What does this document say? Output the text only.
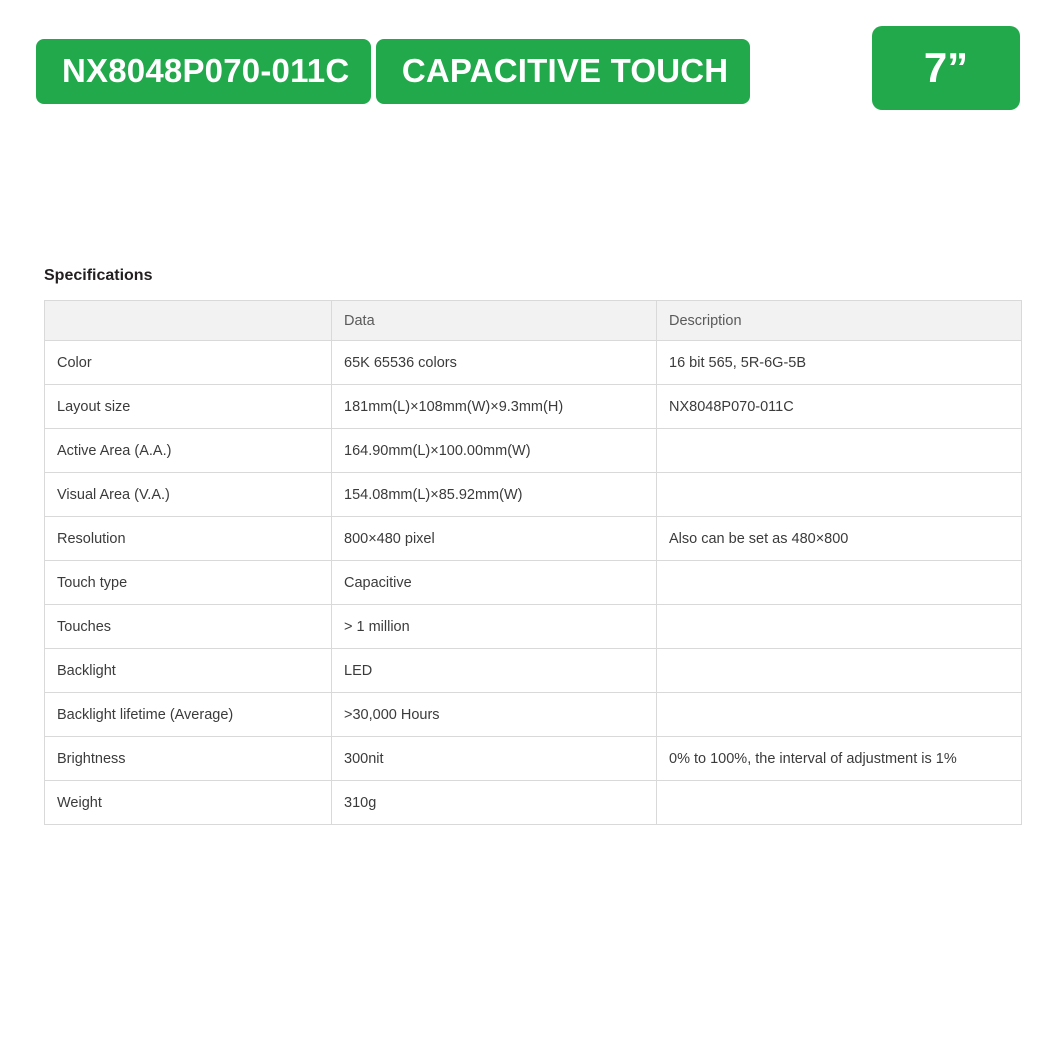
NX8048P070-011C CAPACITIVE TOUCH	7”
Specifications
	Data	Description
Color	65K 65536 colors	16 bit 565, 5R-6G-5B
Layout size	181mm(L)×108mm(W)×9.3mm(H)	NX8048P070-011C
Active Area (A.A.)	164.90mm(L)×100.00mm(W)	
Visual Area (V.A.)	154.08mm(L)×85.92mm(W)	
Resolution	800×480 pixel	Also can be set as 480×800
Touch type	Capacitive	
Touches	> 1 million	
Backlight	LED	
Backlight lifetime (Average)	>30,000 Hours	
Brightness	300nit	0% to 100%, the interval of adjustment is 1%
Weight	310g	
